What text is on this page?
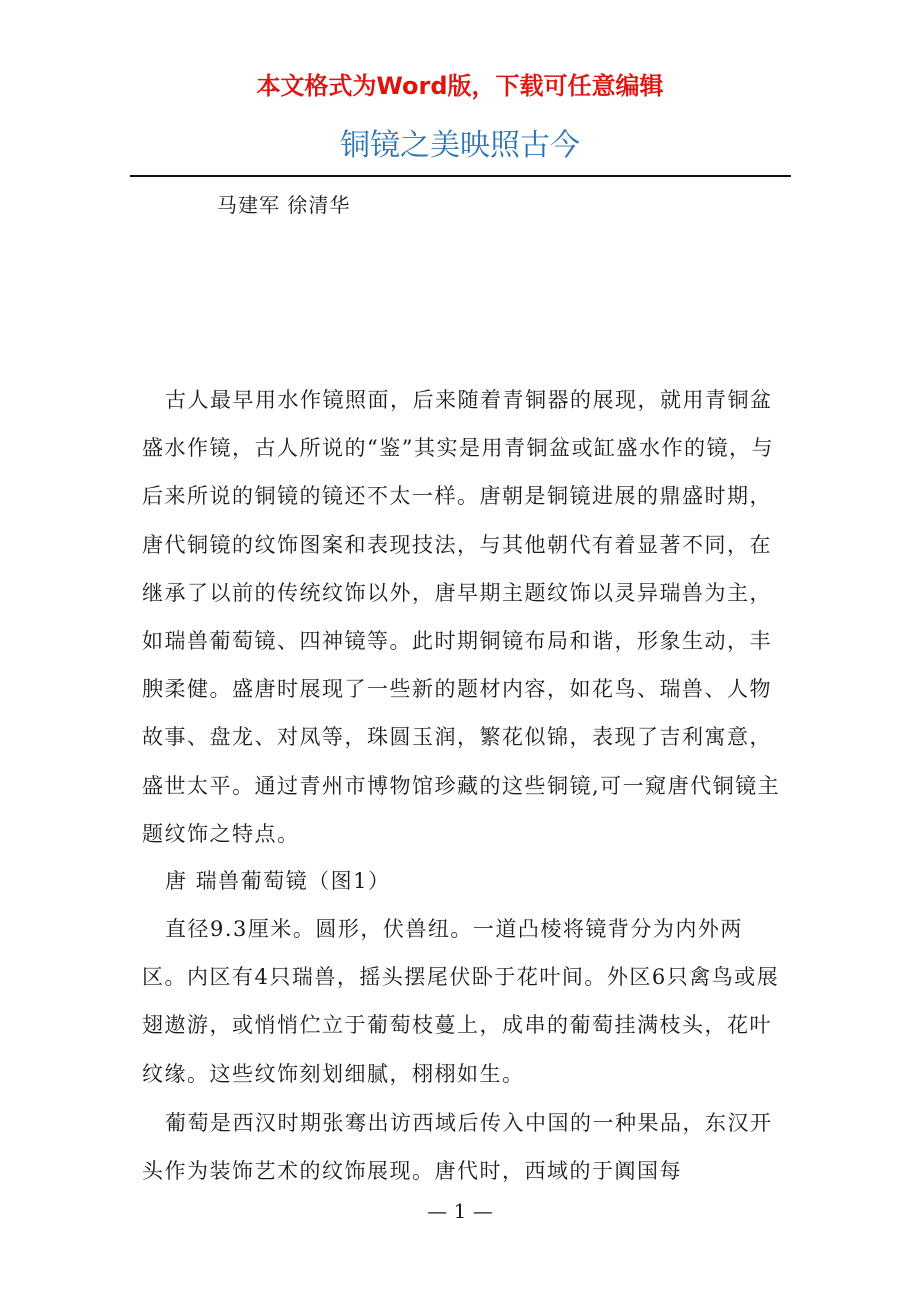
本文格式为Word版，下载可任意编辑
铜镜之美映照古今
马建军 徐清华

古人最早用水作镜照面，后来随着青铜器的展现，就用青铜盆盛水作镜，古人所说的“鉴”其实是用青铜盆或缸盛水作的镜，与后来所说的铜镜的镜还不太一样。唐朝是铜镜进展的鼎盛时期，唐代铜镜的纹饰图案和表现技法，与其他朝代有着显著不同，在继承了以前的传统纹饰以外，唐早期主题纹饰以灵异瑞兽为主，如瑞兽葡萄镜、四神镜等。此时期铜镜布局和谐，形象生动，丰腴柔健。盛唐时展现了一些新的题材内容，如花鸟、瑞兽、人物故事、盘龙、对凤等，珠圆玉润，繁花似锦，表现了吉利寓意，盛世太平。通过青州市博物馆珍藏的这些铜镜,可一窥唐代铜镜主题纹饰之特点。

唐 瑞兽葡萄镜（图1）

直径9.3厘米。圆形，伏兽纽。一道凸棱将镜背分为内外两区。内区有4只瑞兽，摇头摆尾伏卧于花叶间。外区6只禽鸟或展翅遨游，或悄悄伫立于葡萄枝蔓上，成串的葡萄挂满枝头，花叶纹缘。这些纹饰刻划细腻，栩栩如生。

葡萄是西汉时期张骞出访西域后传入中国的一种果品，东汉开头作为装饰艺术的纹饰展现。唐代时，西域的于阗国每

— 1 —
